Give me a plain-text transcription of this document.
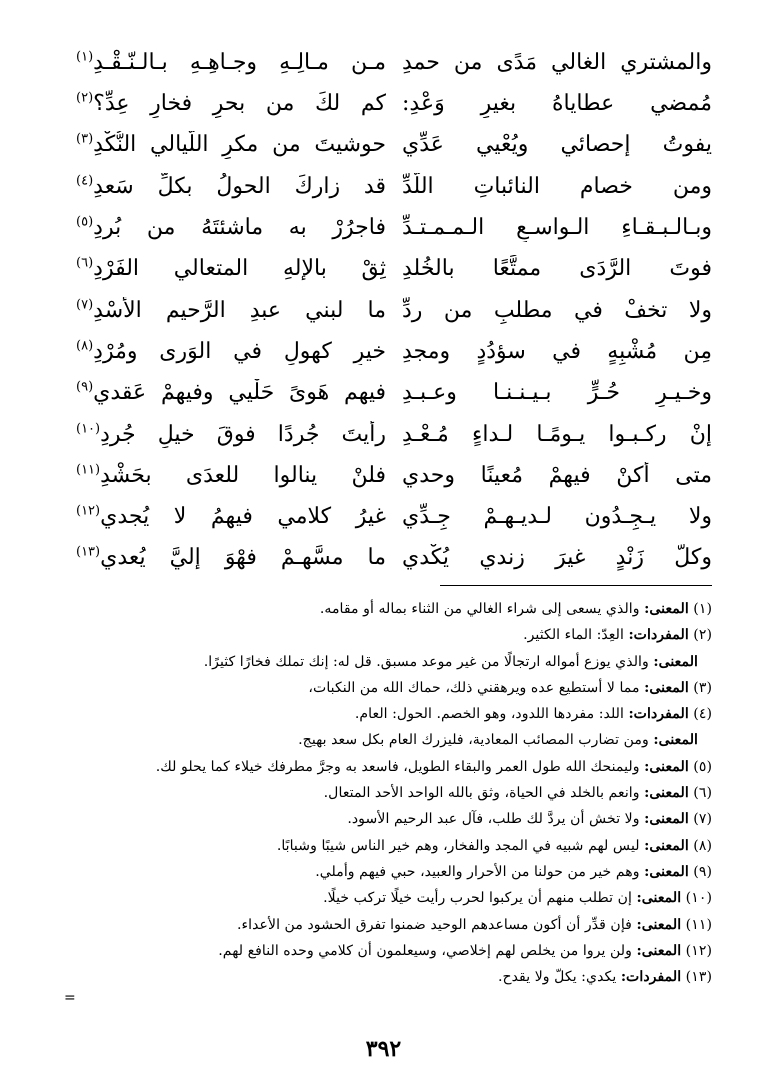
والمشتري الغالي مَدًى من حمدِ
مـن مـالِـهِ وجـاهِـهِ بـالـنّـقْـدِ$^{(١)}$
مُمضي عطاياهُ بغيرِ وَعْدِ:
كم لكَ من بحرٍ فخارِ عِدِّ؟$^{(٢)}$
يفوتُ إحصائي ويُعْيي عَدِّي
حوشيتَ من مكرِ اللّيالي النُّكْدِ$^{(٣)}$
ومن خصام النائباتِ اللُّدِّ
قد زاركَ الحولُ بكلِّ سَعدِ$^{(٤)}$
وبـالـبـقـاءِ الـواسـعِ الـمـمـتـدِّ
فاجرُرْ به ماشئتَهُ من بُردِ$^{(٥)}$
فوتَ الرَّدَى ممتَّعًا بالخُلدِ
ثِقْ بالإلهِ المتعالي الفَرْدِ$^{(٦)}$
ولا تخفْ في مطلبٍ من ردِّ
ما لبني عبدِ الرَّحيم الأُسْدِ$^{(٧)}$
مِن مُشْبِهٍ في سؤدُدٍ ومجدِ
خيرِ كهولٍ في الوَرى ومُرْدِ$^{(٨)}$
وخـيـرِ حُـرٍّ بـيـنـنـا وعـبـدِ
فيهم هَوىً حَلْيي وفيهمْ عَقدي$^{(٩)}$
إنْ ركـبـوا يـومًـا لـداءٍ مُـعْـدِ
رأيتَ جُردًا فوقَ خيلٍ جُردِ$^{(١٠)}$
متى أكنْ فيهمْ مُعينًا وحدي
فلنْ ينالوا للعدَى بحَشْدِ$^{(١١)}$
ولا يـجِـدُون لـديـهـمْ جِـدِّي
غيرُ كلامي فيهمُ لا يُجدي$^{(١٢)}$
وكلُّ زَنْدٍ غيرَ زندي يُكْدي
ما مسَّهـمْ فهْوَ إليَّ يُعدي$^{(١٣)}$
(١) المعنى: والذي يسعى إلى شراء الغالي من الثناء بماله أو مقامه.
(٢) المفردات: العِدّ: الماء الكثير.
المعنى: والذي يوزع أمواله ارتجالًا من غير موعد مسبق. قل له: إنك تملك فخارًا كثيرًا.
(٣) المعنى: مما لا أستطيع عده ويرهقني ذلك، حماك الله من النكبات،
(٤) المفردات: اللد: مفردها اللدود، وهو الخصم. الحول: العام.
المعنى: ومن تضارب المصائب المعادية، فليزرك العام بكل سعد بهيج.
(٥) المعنى: وليمنحك الله طول العمر والبقاء الطويل، فاسعد به وجرَّ مطرفك خيلاء كما يحلو لك.
(٦) المعنى: وانعم بالخلد في الحياة، وثق بالله الواحد الأحد المتعال.
(٧) المعنى: ولا تخش أن يردَّ لك طلب، فآل عبد الرحيم الأسود.
(٨) المعنى: ليس لهم شبيه في المجد والفخار، وهم خير الناس شيبًا وشبابًا.
(٩) المعنى: وهم خير من حولنا من الأحرار والعبيد، حبي فيهم وأملي.
(١٠) المعنى: إن تطلب منهم أن يركبوا لحرب رأيت خيلًا تركب خيلًا.
(١١) المعنى: فإن قدِّر أن أكون مساعدهم الوحيد ضمنوا تفرق الحشود من الأعداء.
(١٢) المعنى: ولن يروا من يخلص لهم إخلاصي، وسيعلمون أن كلامي وحده النافع لهم.
(١٣) المفردات: يكدي: يكلّ ولا يقدح.
=
٣٩٢
